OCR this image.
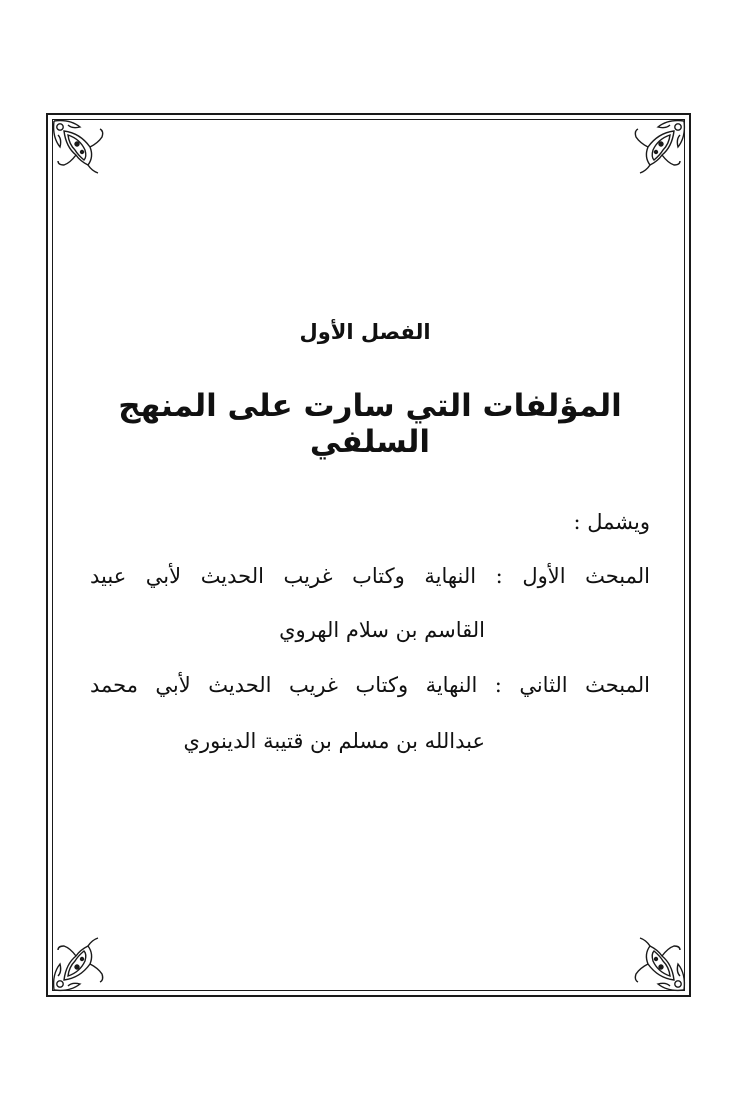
الفصل الأول
المؤلفات التي سارت على المنهج السلفي
ويشمل :
المبحث الأول : النهاية وكتاب غريب الحديث لأبي عبيد
القاسم بن سلام الهروي
المبحث الثاني : النهاية وكتاب غريب الحديث لأبي محمد
عبدالله بن مسلم بن قتيبة الدينوري
